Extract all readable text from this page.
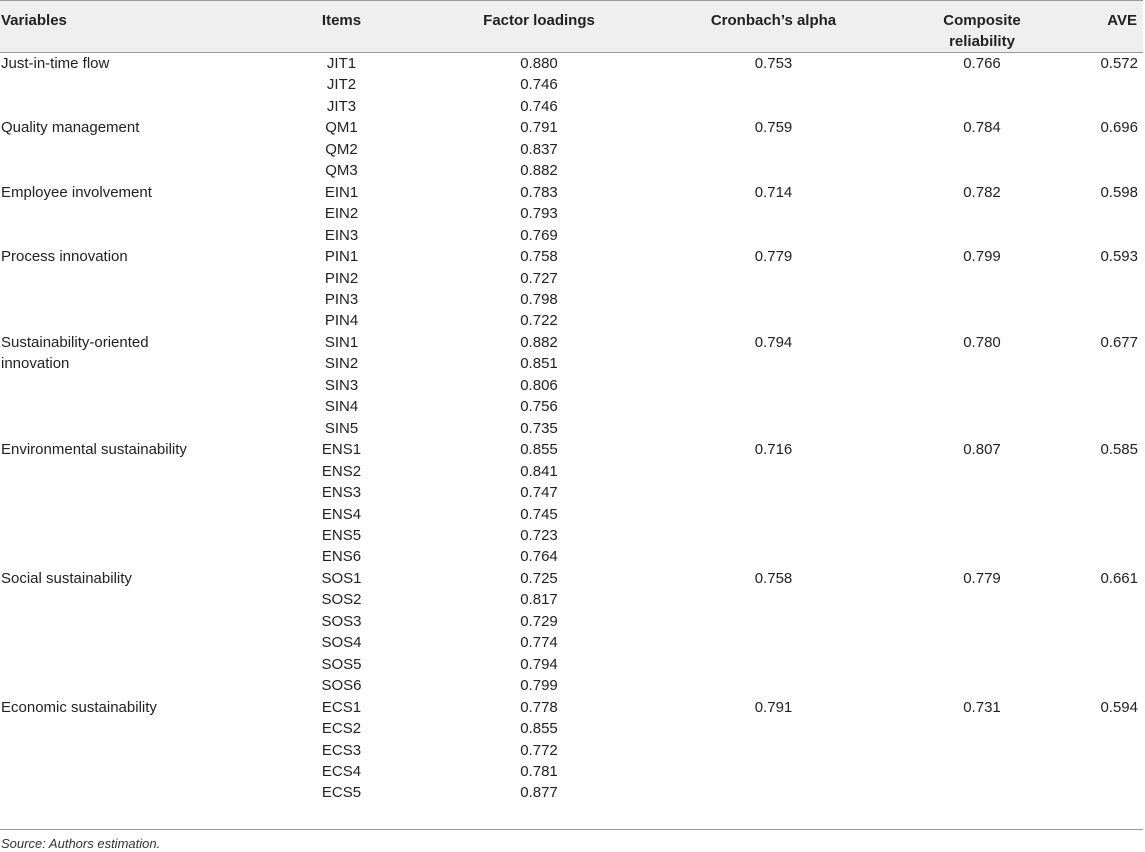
Variables	Items	Factor loadings	Cronbach’s alpha	Composite
reliability	AVE

Just-in-time flow	JIT1	0.880	0.753	0.766	0.572
	JIT2	0.746			
	JIT3	0.746			

Quality management	QM1	0.791	0.759	0.784	0.696
	QM2	0.837			
	QM3	0.882			

Employee involvement	EIN1	0.783	0.714	0.782	0.598
	EIN2	0.793			
	EIN3	0.769			

Process innovation	PIN1	0.758	0.779	0.799	0.593
	PIN2	0.727			
	PIN3	0.798			
	PIN4	0.722			

Sustainability-oriented
innovation	SIN1	0.882	0.794	0.780	0.677
	SIN2	0.851			
	SIN3	0.806			
	SIN4	0.756			
	SIN5	0.735			

Environmental sustainability	ENS1	0.855	0.716	0.807	0.585
	ENS2	0.841			
	ENS3	0.747			
	ENS4	0.745			
	ENS5	0.723			
	ENS6	0.764			

Social sustainability	SOS1	0.725	0.758	0.779	0.661
	SOS2	0.817			
	SOS3	0.729			
	SOS4	0.774			
	SOS5	0.794			
	SOS6	0.799			

Economic sustainability	ECS1	0.778	0.791	0.731	0.594
	ECS2	0.855			
	ECS3	0.772			
	ECS4	0.781			
	ECS5	0.877			
Source: Authors estimation.
